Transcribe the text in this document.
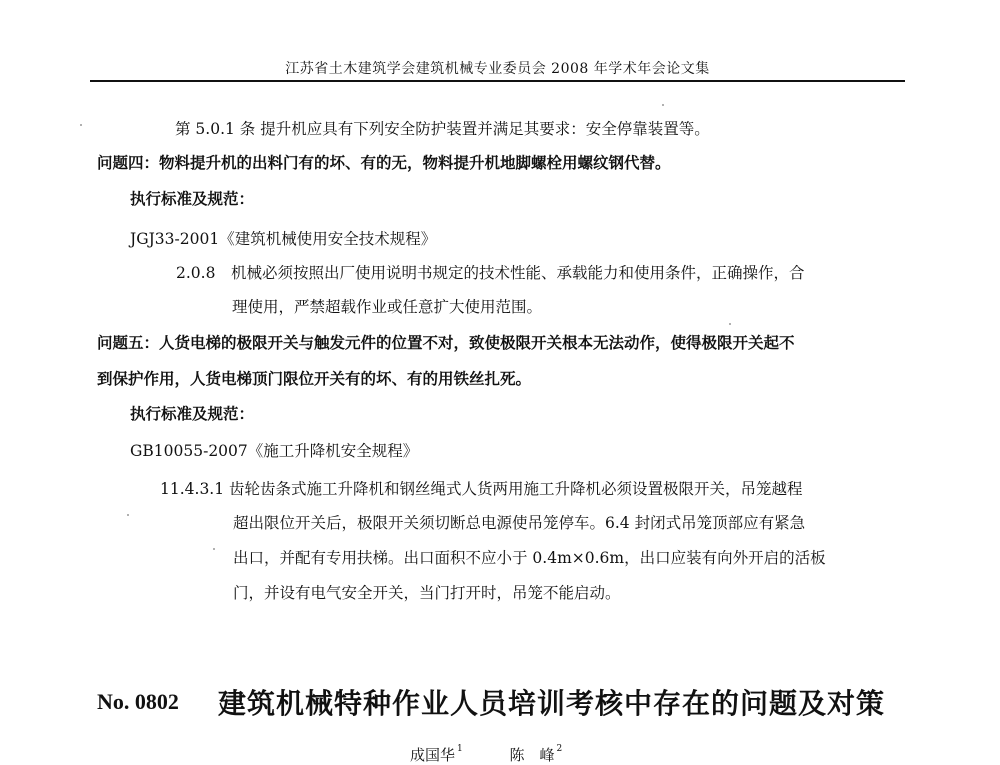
江苏省土木建筑学会建筑机械专业委员会 2008 年学术年会论文集
第 5.0.1 条 提升机应具有下列安全防护装置并满足其要求：安全停靠装置等。
问题四：物料提升机的出料门有的坏、有的无，物料提升机地脚螺栓用螺纹钢代替。
执行标准及规范：
JGJ33-2001《建筑机械使用安全技术规程》
2.0.8　机械必须按照出厂使用说明书规定的技术性能、承载能力和使用条件，正确操作，合
理使用，严禁超载作业或任意扩大使用范围。
问题五：人货电梯的极限开关与触发元件的位置不对，致使极限开关根本无法动作，使得极限开关起不
到保护作用，人货电梯顶门限位开关有的坏、有的用铁丝扎死。
执行标准及规范：
GB10055-2007《施工升降机安全规程》
11.4.3.1 齿轮齿条式施工升降机和钢丝绳式人货两用施工升降机必须设置极限开关，吊笼越程
超出限位开关后，极限开关须切断总电源使吊笼停车。6.4 封闭式吊笼顶部应有紧急
出口，并配有专用扶梯。出口面积不应小于 0.4m×0.6m，出口应装有向外开启的活板
门，并设有电气安全开关，当门打开时，吊笼不能启动。
No. 0802 建筑机械特种作业人员培训考核中存在的问题及对策
成国华 $^1$	陈　峰 $^2$
